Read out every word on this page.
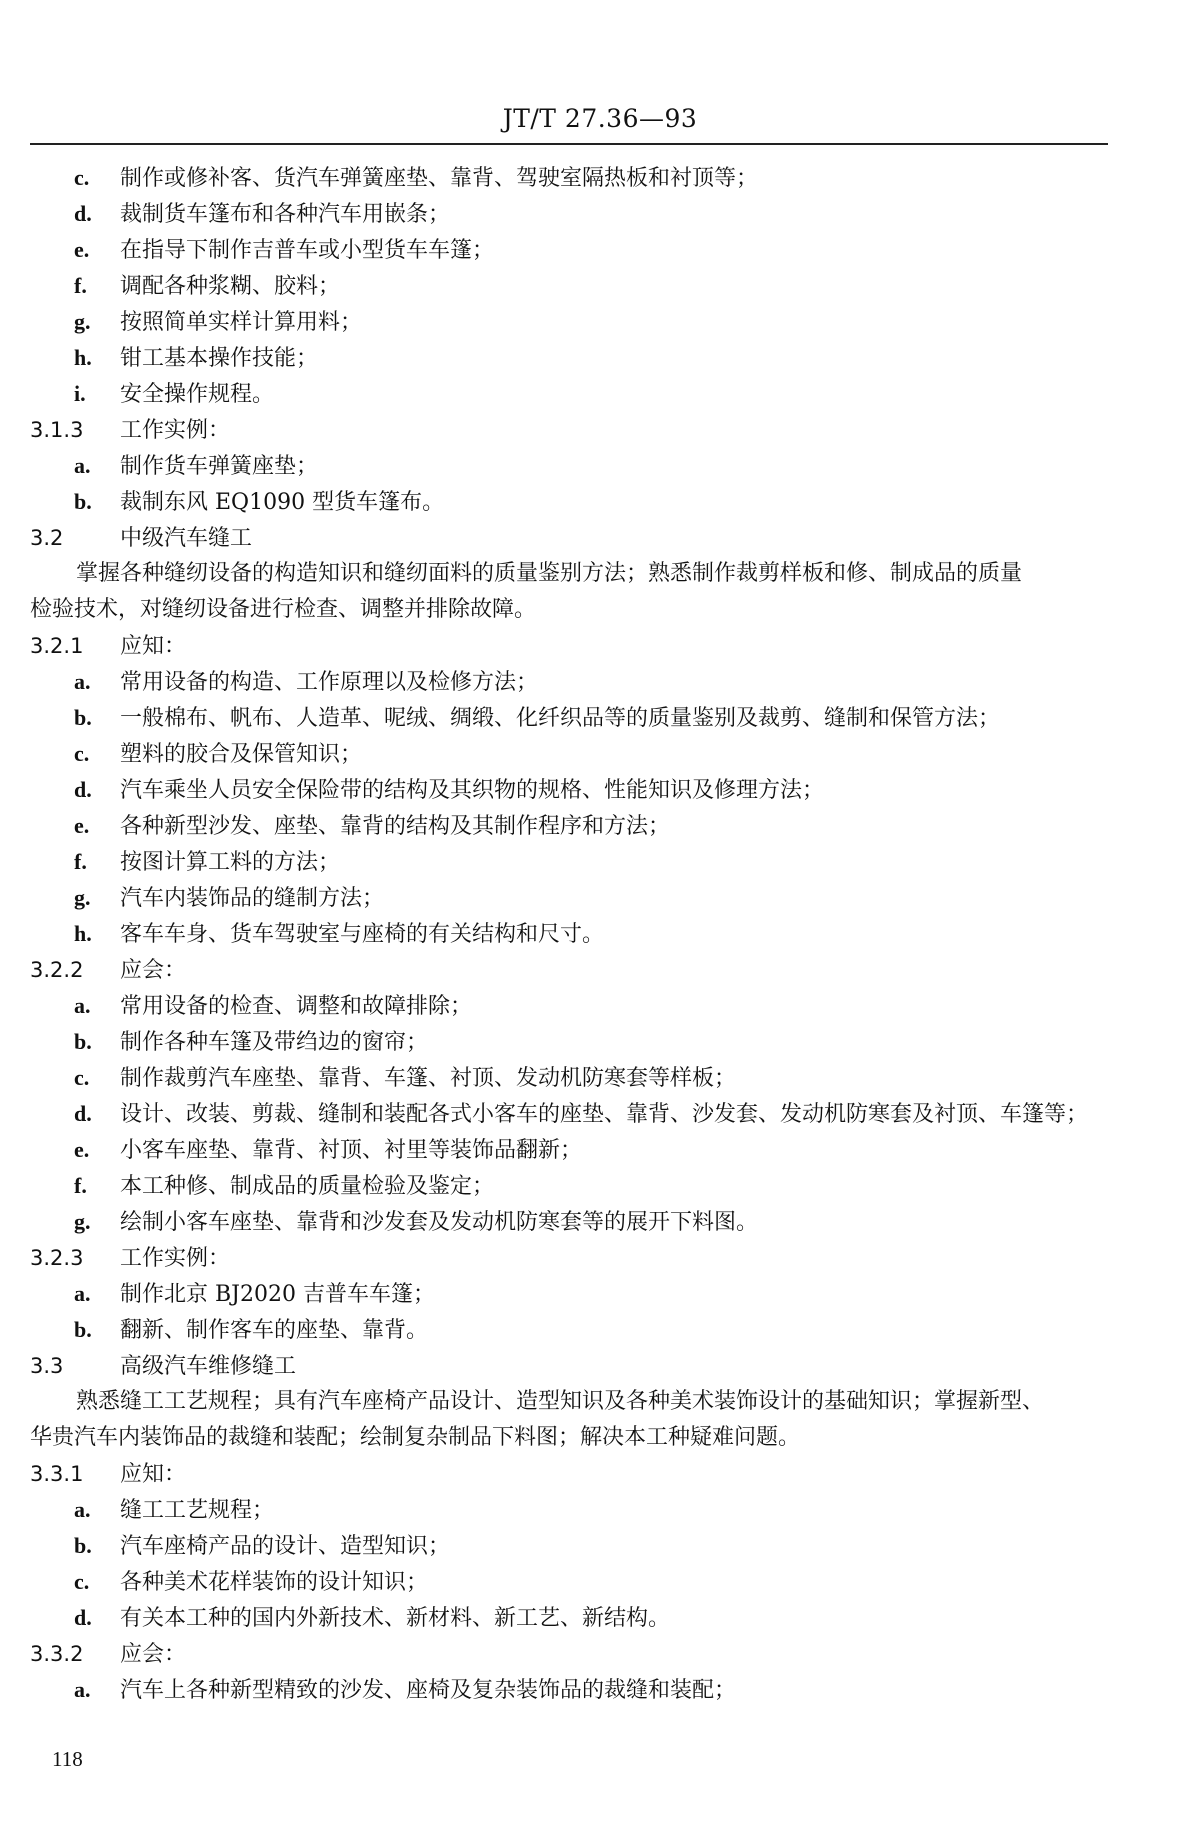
JT/T 27.36—93
c.	制作或修补客、货汽车弹簧座垫、靠背、驾驶室隔热板和衬顶等；
d.	裁制货车篷布和各种汽车用嵌条；
e.	在指导下制作吉普车或小型货车车篷；
f.	调配各种浆糊、胶料；
g.	按照简单实样计算用料；
h.	钳工基本操作技能；
i.	安全操作规程。
3.1.3	工作实例：
a.	制作货车弹簧座垫；
b.	裁制东风 EQ1090 型货车篷布。
3.2	中级汽车缝工
掌握各种缝纫设备的构造知识和缝纫面料的质量鉴别方法；熟悉制作裁剪样板和修、制成品的质量
检验技术，对缝纫设备进行检查、调整并排除故障。
3.2.1	应知：
a.	常用设备的构造、工作原理以及检修方法；
b.	一般棉布、帆布、人造革、呢绒、绸缎、化纤织品等的质量鉴别及裁剪、缝制和保管方法；
c.	塑料的胶合及保管知识；
d.	汽车乘坐人员安全保险带的结构及其织物的规格、性能知识及修理方法；
e.	各种新型沙发、座垫、靠背的结构及其制作程序和方法；
f.	按图计算工料的方法；
g.	汽车内装饰品的缝制方法；
h.	客车车身、货车驾驶室与座椅的有关结构和尺寸。
3.2.2	应会：
a.	常用设备的检查、调整和故障排除；
b.	制作各种车篷及带绉边的窗帘；
c.	制作裁剪汽车座垫、靠背、车篷、衬顶、发动机防寒套等样板；
d.	设计、改装、剪裁、缝制和装配各式小客车的座垫、靠背、沙发套、发动机防寒套及衬顶、车篷等；
e.	小客车座垫、靠背、衬顶、衬里等装饰品翻新；
f.	本工种修、制成品的质量检验及鉴定；
g.	绘制小客车座垫、靠背和沙发套及发动机防寒套等的展开下料图。
3.2.3	工作实例：
a.	制作北京 BJ2020 吉普车车篷；
b.	翻新、制作客车的座垫、靠背。
3.3	高级汽车维修缝工
熟悉缝工工艺规程；具有汽车座椅产品设计、造型知识及各种美术装饰设计的基础知识；掌握新型、
华贵汽车内装饰品的裁缝和装配；绘制复杂制品下料图；解决本工种疑难问题。
3.3.1	应知：
a.	缝工工艺规程；
b.	汽车座椅产品的设计、造型知识；
c.	各种美术花样装饰的设计知识；
d.	有关本工种的国内外新技术、新材料、新工艺、新结构。
3.3.2	应会：
a.	汽车上各种新型精致的沙发、座椅及复杂装饰品的裁缝和装配；
118
